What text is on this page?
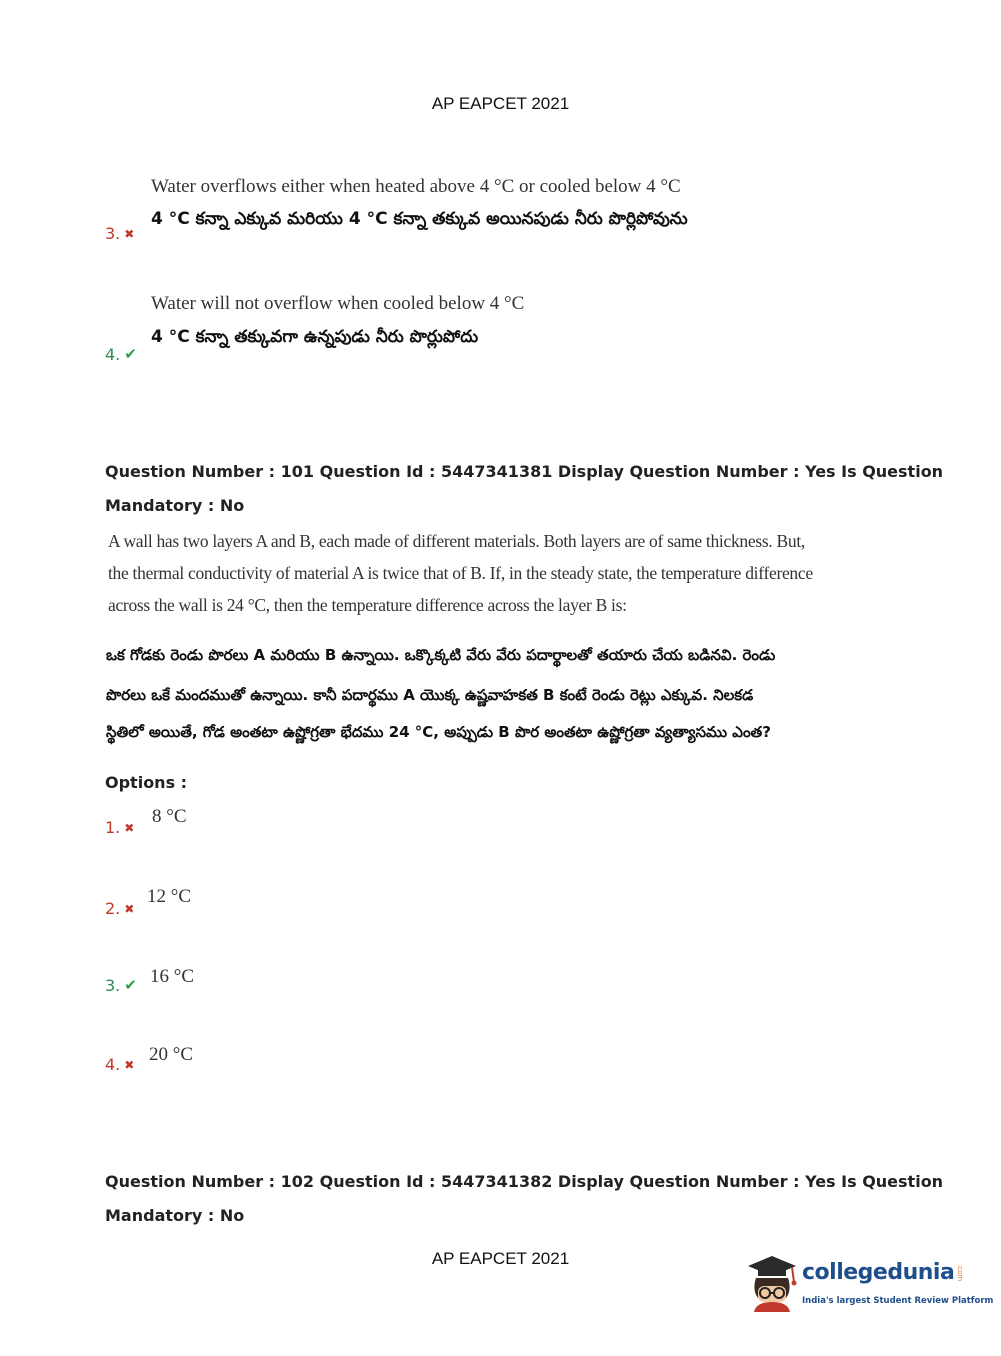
AP EAPCET 2021
Water overflows either when heated above 4 °C or cooled below 4 °C
4 °C కన్నా ఎక్కువ మరియు 4 °C కన్నా తక్కువ అయినపుడు నీరు పొర్లిపోవును
3. ✖
Water will not overflow when cooled below 4 °C
4 °C కన్నా తక్కువగా ఉన్నపుడు నీరు పొర్లుపోదు
4. ✔
Question Number : 101 Question Id : 5447341381 Display Question Number : Yes Is Question
Mandatory : No
A wall has two layers A and B, each made of different materials. Both layers are of same thickness. But,
the thermal conductivity of material A is twice that of B. If, in the steady state, the temperature difference
across the wall is 24 °C, then the temperature difference across the layer B is:
ఒక గోడకు రెండు పొరలు A మరియు B ఉన్నాయి. ఒక్కొక్కటి వేరు వేరు పదార్థాలతో తయారు చేయ బడినవి. రెండు
పొరలు ఒకే మందముతో ఉన్నాయి. కానీ పదార్థము A యొక్క ఉష్ణవాహకత B కంటే రెండు రెట్లు ఎక్కువ. నిలకడ
స్థితిలో అయితే, గోడ అంతటా ఉష్ణోగ్రతా భేదము 24 °C, అప్పుడు B పొర అంతటా ఉష్ణోగ్రతా వ్యత్యాసము ఎంత?
Options :
1. ✖
8 °C
2. ✖
12 °C
3. ✔ 16 °C
4. ✖ 20 °C
Question Number : 102 Question Id : 5447341382 Display Question Number : Yes Is Question
Mandatory : No
AP EAPCET 2021
collegedunia .com
India's largest Student Review Platform
